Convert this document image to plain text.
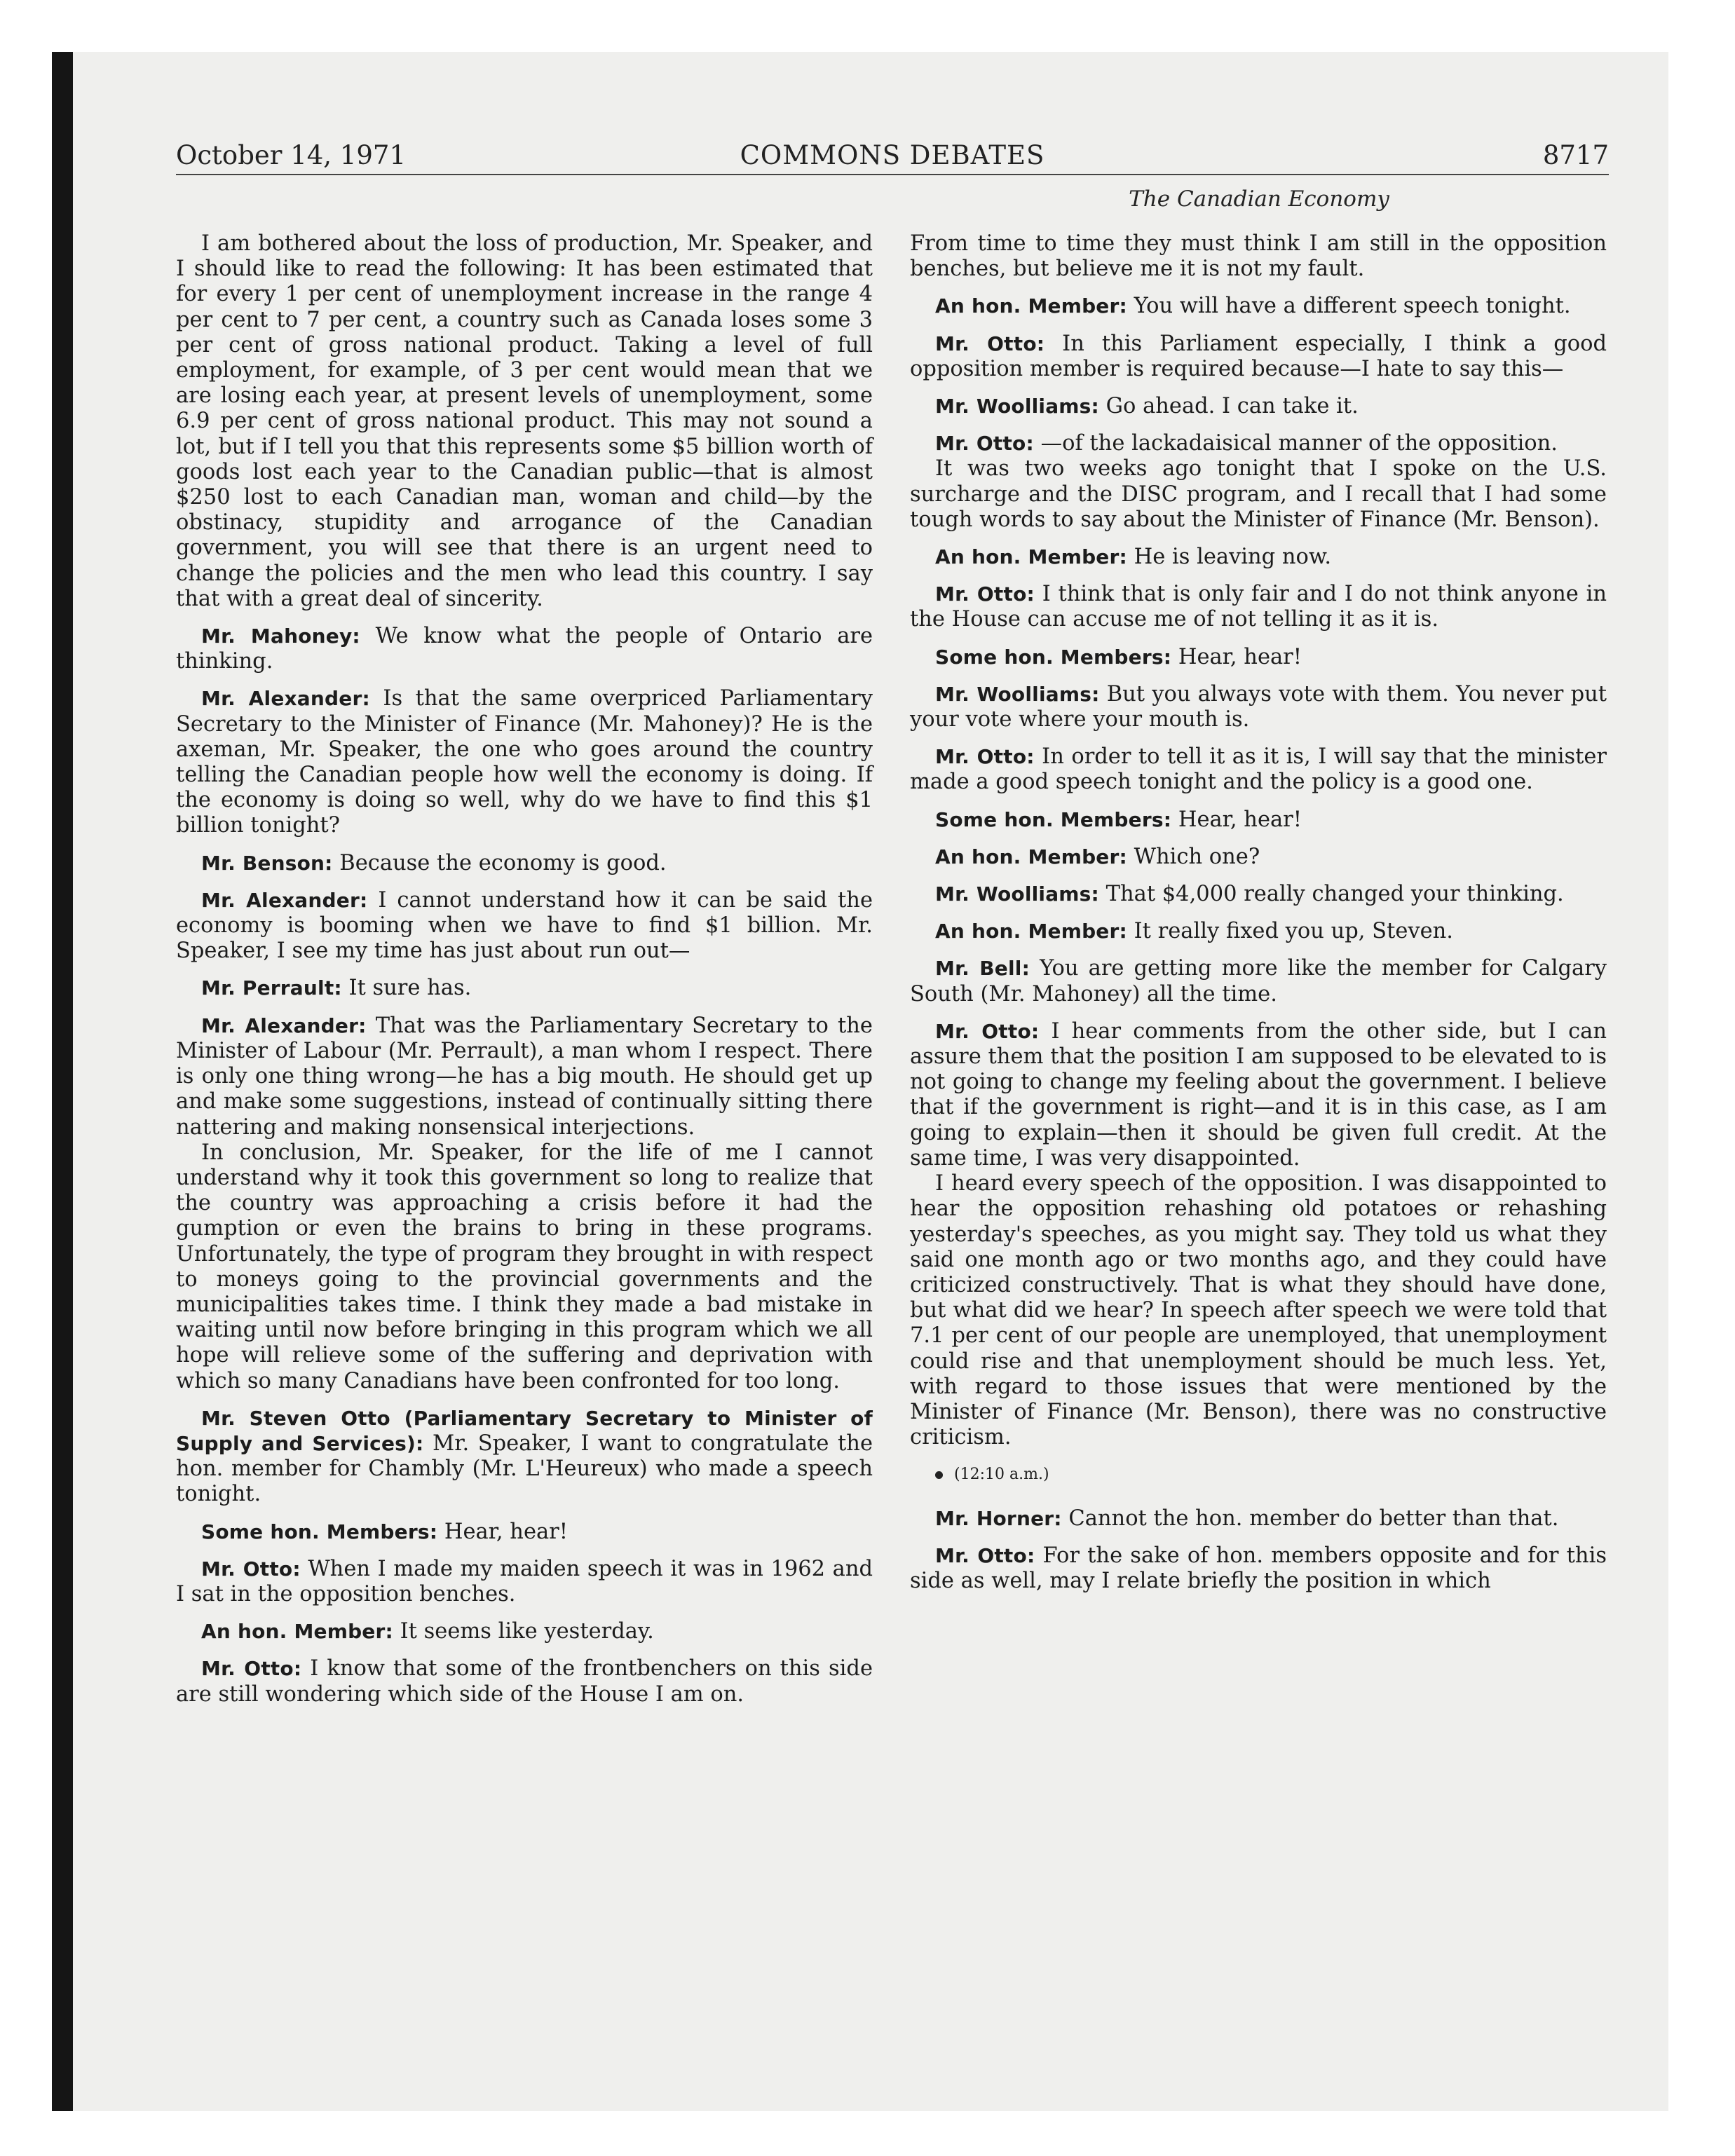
October 14, 1971	COMMONS DEBATES	8717
The Canadian Economy

I am bothered about the loss of production, Mr. Speaker, and I should like to read the following: It has been estimated that for every 1 per cent of unemployment increase in the range 4 per cent to 7 per cent, a country such as Canada loses some 3 per cent of gross national product. Taking a level of full employment, for example, of 3 per cent would mean that we are losing each year, at present levels of unemployment, some 6.9 per cent of gross national product. This may not sound a lot, but if I tell you that this represents some $5 billion worth of goods lost each year to the Canadian public—that is almost $250 lost to each Canadian man, woman and child—by the obstinacy, stupidity and arrogance of the Canadian government, you will see that there is an urgent need to change the policies and the men who lead this country. I say that with a great deal of sincerity.

Mr. Mahoney: We know what the people of Ontario are thinking.

Mr. Alexander: Is that the same overpriced Parliamentary Secretary to the Minister of Finance (Mr. Mahoney)? He is the axeman, Mr. Speaker, the one who goes around the country telling the Canadian people how well the economy is doing. If the economy is doing so well, why do we have to find this $1 billion tonight?

Mr. Benson: Because the economy is good.

Mr. Alexander: I cannot understand how it can be said the economy is booming when we have to find $1 billion. Mr. Speaker, I see my time has just about run out—

Mr. Perrault: It sure has.

Mr. Alexander: That was the Parliamentary Secretary to the Minister of Labour (Mr. Perrault), a man whom I respect. There is only one thing wrong—he has a big mouth. He should get up and make some suggestions, instead of continually sitting there nattering and making nonsensical interjections.

In conclusion, Mr. Speaker, for the life of me I cannot understand why it took this government so long to realize that the country was approaching a crisis before it had the gumption or even the brains to bring in these programs. Unfortunately, the type of program they brought in with respect to moneys going to the provincial governments and the municipalities takes time. I think they made a bad mistake in waiting until now before bringing in this program which we all hope will relieve some of the suffering and deprivation with which so many Canadians have been confronted for too long.

Mr. Steven Otto (Parliamentary Secretary to Minister of Supply and Services): Mr. Speaker, I want to congratulate the hon. member for Chambly (Mr. L'Heureux) who made a speech tonight.

Some hon. Members: Hear, hear!

Mr. Otto: When I made my maiden speech it was in 1962 and I sat in the opposition benches.

An hon. Member: It seems like yesterday.

Mr. Otto: I know that some of the frontbenchers on this side are still wondering which side of the House I am on.

From time to time they must think I am still in the opposition benches, but believe me it is not my fault.

An hon. Member: You will have a different speech tonight.

Mr. Otto: In this Parliament especially, I think a good opposition member is required because—I hate to say this—

Mr. Woolliams: Go ahead. I can take it.

Mr. Otto: —of the lackadaisical manner of the opposition.

It was two weeks ago tonight that I spoke on the U.S. surcharge and the DISC program, and I recall that I had some tough words to say about the Minister of Finance (Mr. Benson).

An hon. Member: He is leaving now.

Mr. Otto: I think that is only fair and I do not think anyone in the House can accuse me of not telling it as it is.

Some hon. Members: Hear, hear!

Mr. Woolliams: But you always vote with them. You never put your vote where your mouth is.

Mr. Otto: In order to tell it as it is, I will say that the minister made a good speech tonight and the policy is a good one.

Some hon. Members: Hear, hear!

An hon. Member: Which one?

Mr. Woolliams: That $4,000 really changed your thinking.

An hon. Member: It really fixed you up, Steven.

Mr. Bell: You are getting more like the member for Calgary South (Mr. Mahoney) all the time.

Mr. Otto: I hear comments from the other side, but I can assure them that the position I am supposed to be elevated to is not going to change my feeling about the government. I believe that if the government is right—and it is in this case, as I am going to explain—then it should be given full credit. At the same time, I was very disappointed.

I heard every speech of the opposition. I was disappointed to hear the opposition rehashing old potatoes or rehashing yesterday's speeches, as you might say. They told us what they said one month ago or two months ago, and they could have criticized constructively. That is what they should have done, but what did we hear? In speech after speech we were told that 7.1 per cent of our people are unemployed, that unemployment could rise and that unemployment should be much less. Yet, with regard to those issues that were mentioned by the Minister of Finance (Mr. Benson), there was no constructive criticism.

(12:10 a.m.)

Mr. Horner: Cannot the hon. member do better than that.

Mr. Otto: For the sake of hon. members opposite and for this side as well, may I relate briefly the position in which
